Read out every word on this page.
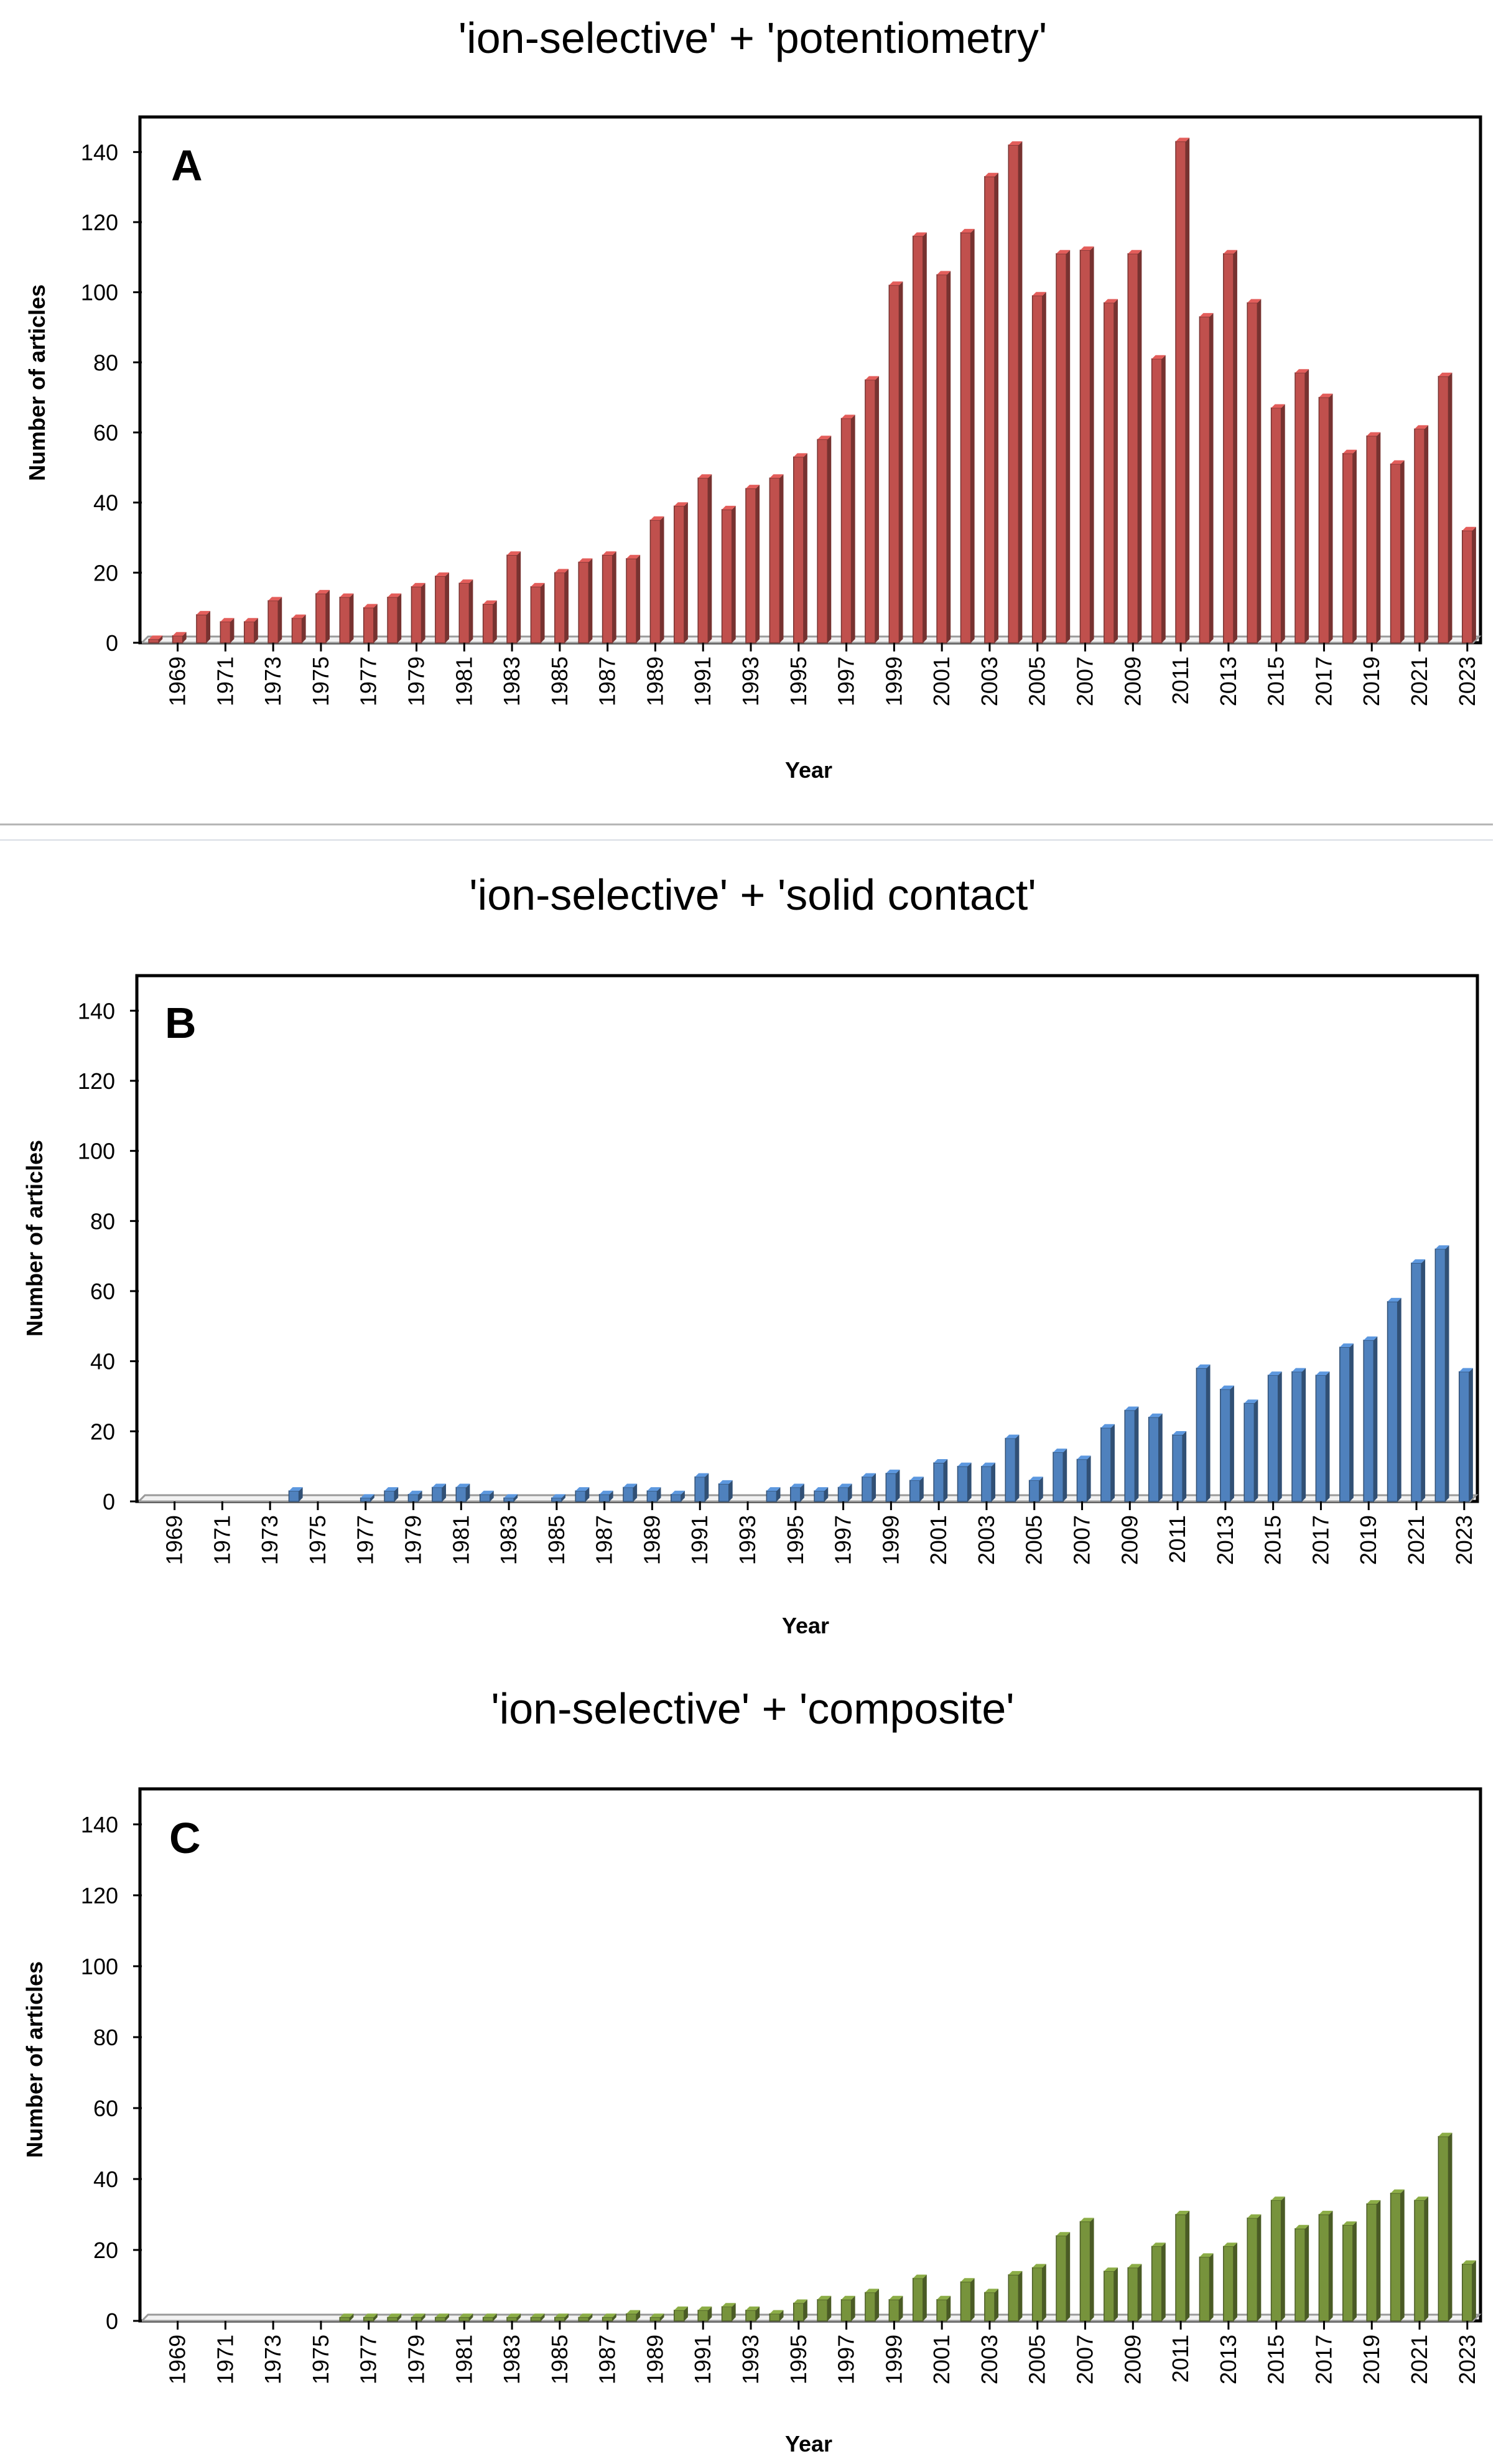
'ion-selective' + 'potentiometry'
Number of articles
Year
0
20
40
60
80
100
120
140
1969 1971 1973 1975 1977 1979 1981 1983 1985 1987 1989 1991 1993 1995 1997 1999 2001 2003 2005 2007 2009 2011 2013 2015 2017 2019 2021 2023
A
'ion-selective' + 'solid contact'
Number of articles
Year
0
20
40
60
80
100
120
140
1969 1971 1973 1975 1977 1979 1981 1983 1985 1987 1989 1991 1993 1995 1997 1999 2001 2003 2005 2007 2009 2011 2013 2015 2017 2019 2021 2023
B
'ion-selective' + 'composite'
Number of articles
Year
0
20
40
60
80
100
120
140
1969 1971 1973 1975 1977 1979 1981 1983 1985 1987 1989 1991 1993 1995 1997 1999 2001 2003 2005 2007 2009 2011 2013 2015 2017 2019 2021 2023
C
